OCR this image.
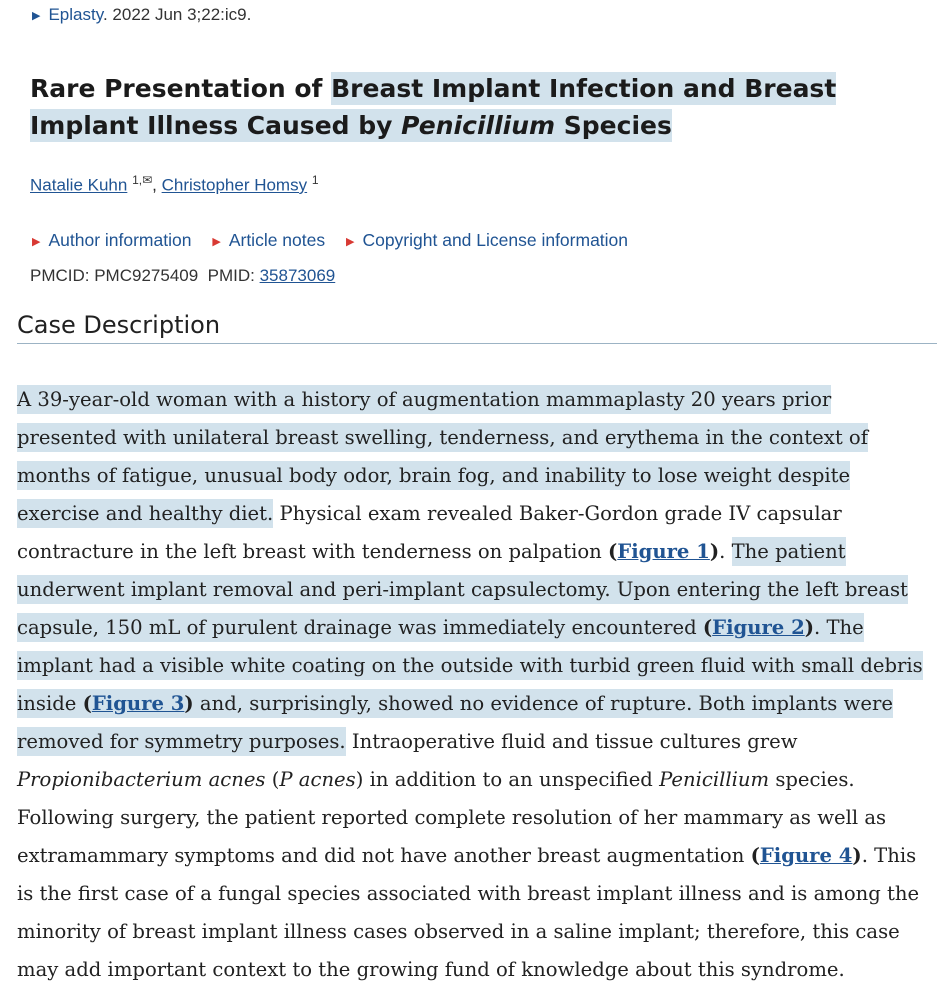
▶ Eplasty. 2022 Jun 3;22:ic9.
Rare Presentation of Breast Implant Infection and Breast Implant Illness Caused by Penicillium Species
Natalie Kuhn $^{1,✉}$, Christopher Homsy $^1$
▶ Author information ▶ Article notes ▶ Copyright and License information
PMCID: PMC9275409 PMID: 35873069
Case Description

A 39-year-old woman with a history of augmentation mammaplasty 20 years prior presented with unilateral breast swelling, tenderness, and erythema in the context of months of fatigue, unusual body odor, brain fog, and inability to lose weight despite exercise and healthy diet. Physical exam revealed Baker-Gordon grade IV capsular contracture in the left breast with tenderness on palpation (Figure 1). The patient underwent implant removal and peri-implant capsulectomy. Upon entering the left breast capsule, 150 mL of purulent drainage was immediately encountered (Figure 2). The implant had a visible white coating on the outside with turbid green fluid with small debris inside (Figure 3) and, surprisingly, showed no evidence of rupture. Both implants were removed for symmetry purposes. Intraoperative fluid and tissue cultures grew Propionibacterium acnes (P acnes) in addition to an unspecified Penicillium species. Following surgery, the patient reported complete resolution of her mammary as well as extramammary symptoms and did not have another breast augmentation (Figure 4). This is the first case of a fungal species associated with breast implant illness and is among the minority of breast implant illness cases observed in a saline implant; therefore, this case may add important context to the growing fund of knowledge about this syndrome.
